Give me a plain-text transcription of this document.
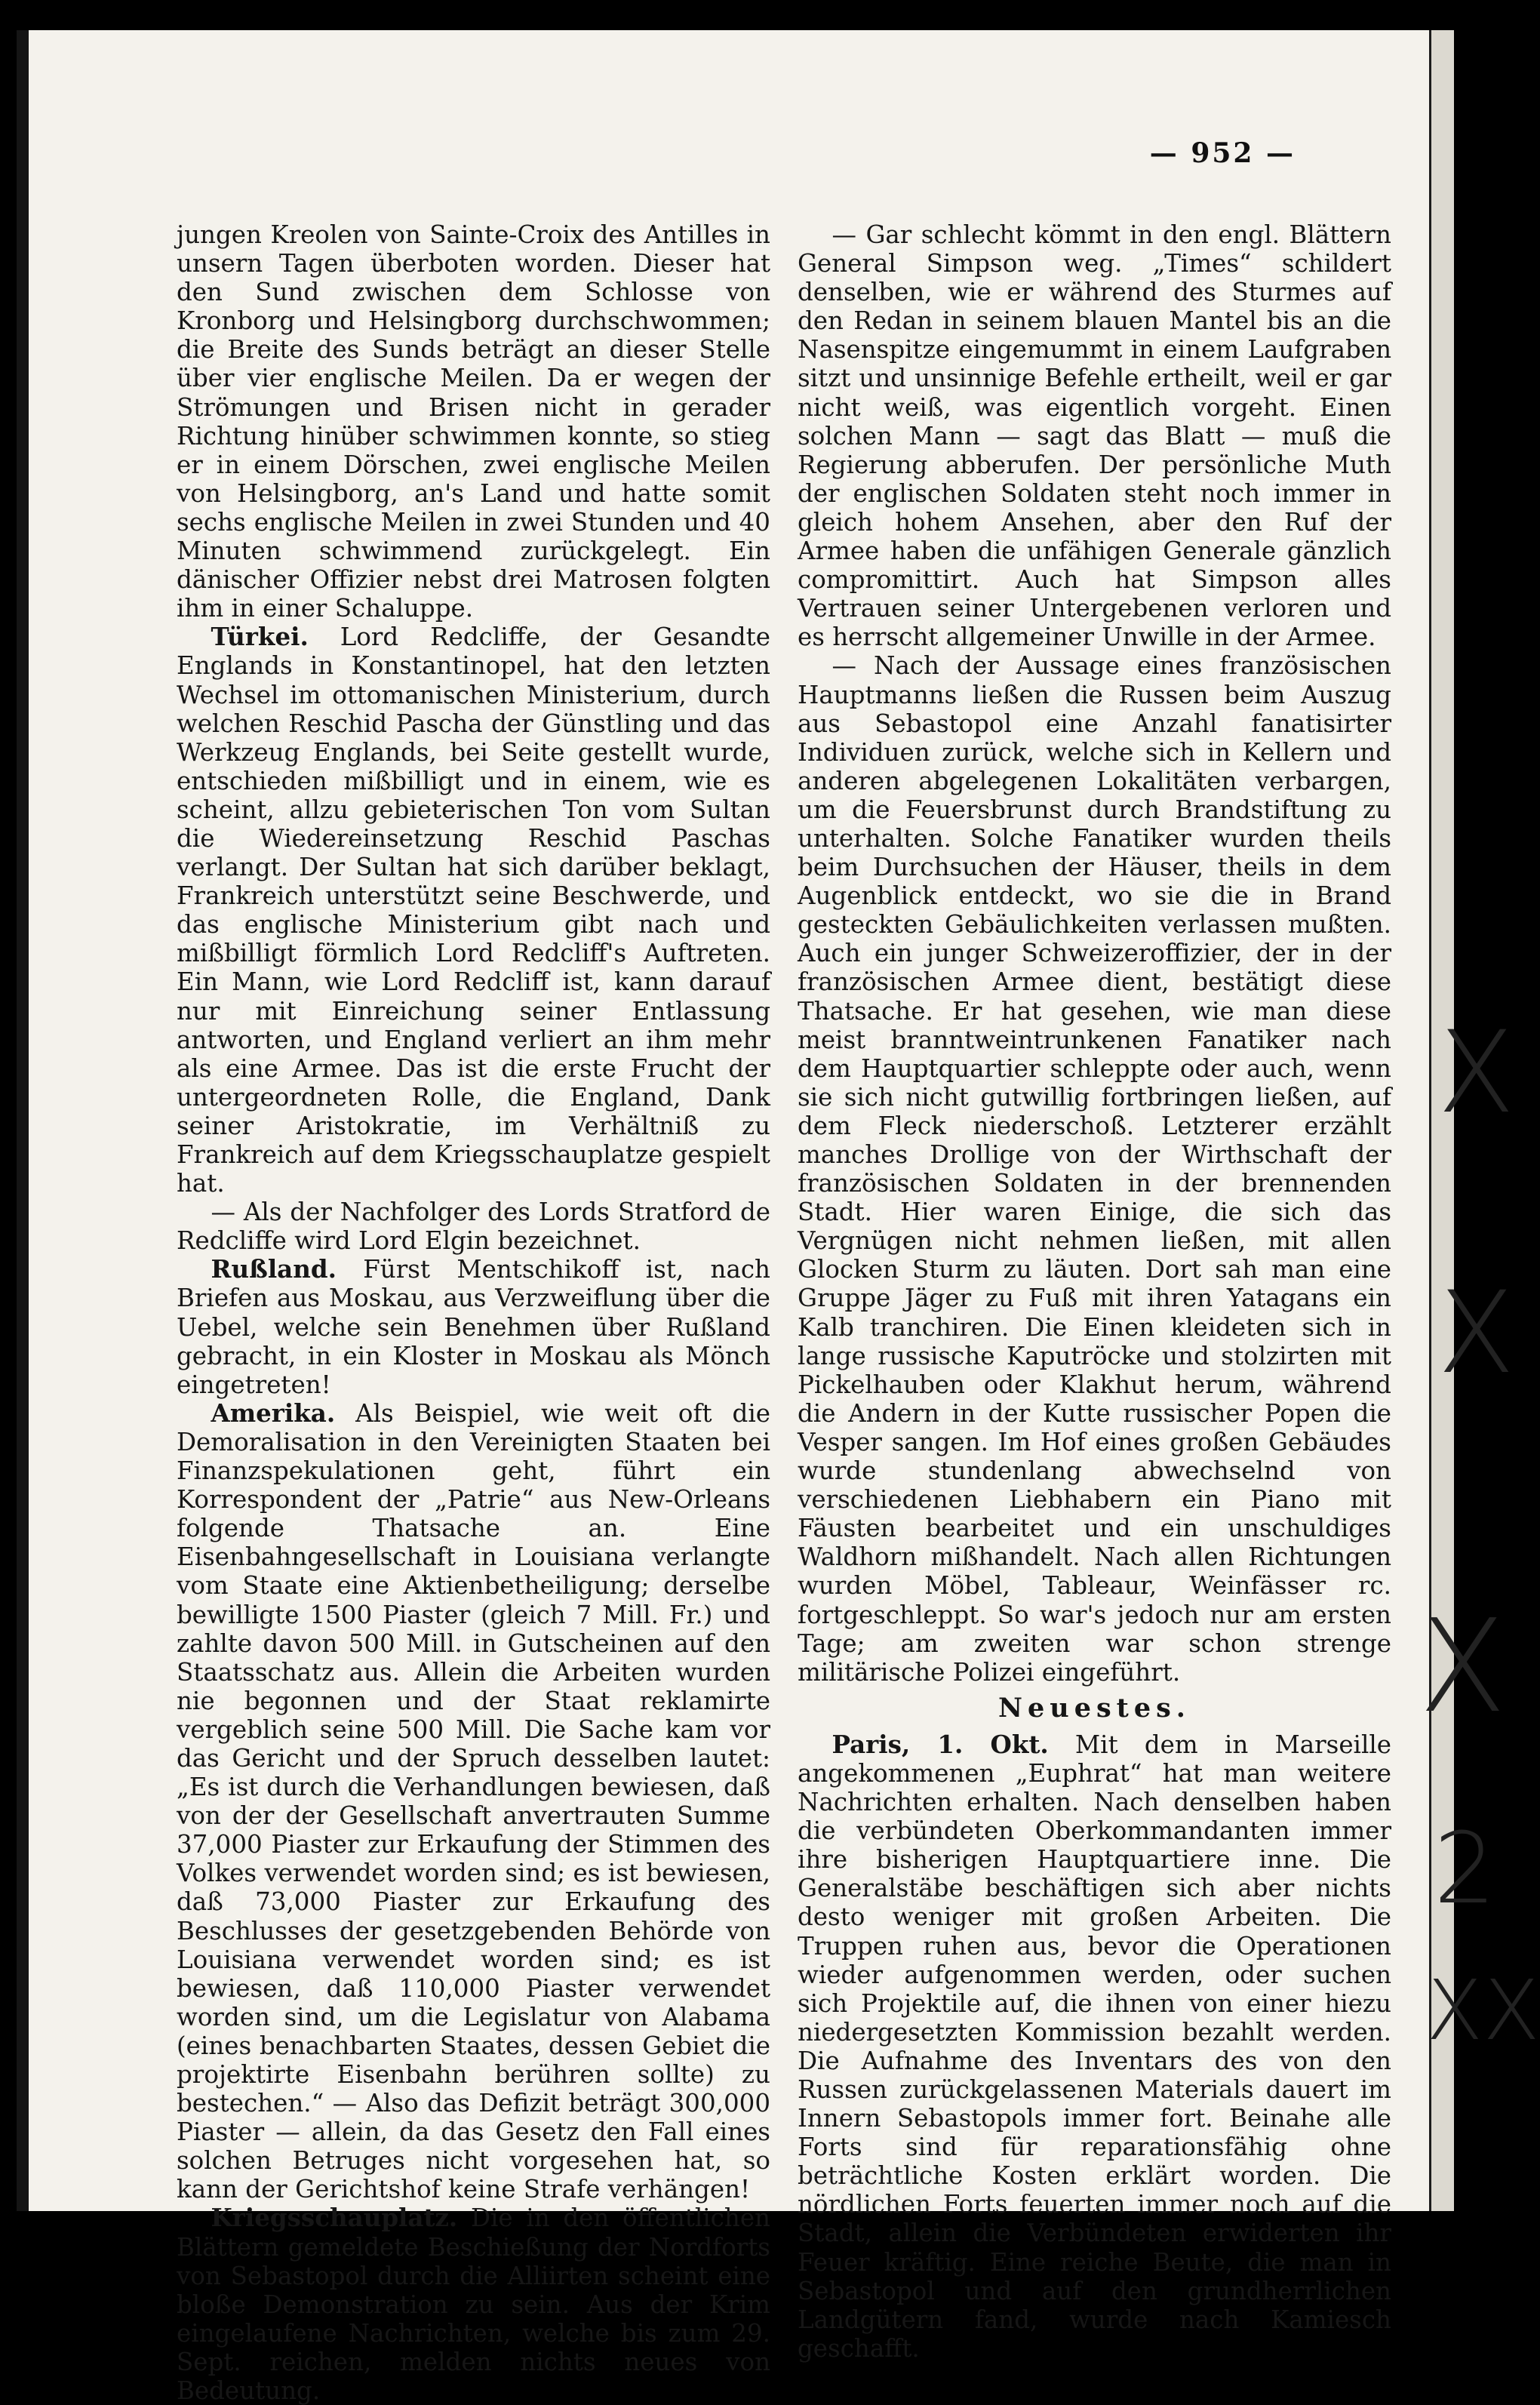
— 952 —

jungen Kreolen von Sainte-Croix des Antilles in unsern Tagen überboten worden. Dieser hat den Sund zwischen dem Schlosse von Kronborg und Helsingborg durchschwommen; die Breite des Sunds beträgt an dieser Stelle über vier englische Meilen. Da er wegen der Strömungen und Brisen nicht in gerader Richtung hinüber schwimmen konnte, so stieg er in einem Dörschen, zwei englische Meilen von Helsingborg, an's Land und hatte somit sechs englische Meilen in zwei Stunden und 40 Minuten schwimmend zurückgelegt. Ein dänischer Offizier nebst drei Matrosen folgten ihm in einer Schaluppe.

Türkei. Lord Redcliffe, der Gesandte Englands in Konstantinopel, hat den letzten Wechsel im ottomanischen Ministerium, durch welchen Reschid Pascha der Günstling und das Werkzeug Englands, bei Seite gestellt wurde, entschieden mißbilligt und in einem, wie es scheint, allzu gebieterischen Ton vom Sultan die Wiedereinsetzung Reschid Paschas verlangt. Der Sultan hat sich darüber beklagt, Frankreich unterstützt seine Beschwerde, und das englische Ministerium gibt nach und mißbilligt förmlich Lord Redcliff's Auftreten. Ein Mann, wie Lord Redcliff ist, kann darauf nur mit Einreichung seiner Entlassung antworten, und England verliert an ihm mehr als eine Armee. Das ist die erste Frucht der untergeordneten Rolle, die England, Dank seiner Aristokratie, im Verhältniß zu Frankreich auf dem Kriegsschauplatze gespielt hat.

— Als der Nachfolger des Lords Stratford de Redcliffe wird Lord Elgin bezeichnet.

Rußland. Fürst Mentschikoff ist, nach Briefen aus Moskau, aus Verzweiflung über die Uebel, welche sein Benehmen über Rußland gebracht, in ein Kloster in Moskau als Mönch eingetreten!

Amerika. Als Beispiel, wie weit oft die Demoralisation in den Vereinigten Staaten bei Finanzspekulationen geht, führt ein Korrespondent der „Patrie“ aus New-Orleans folgende Thatsache an. Eine Eisenbahngesellschaft in Louisiana verlangte vom Staate eine Aktienbetheiligung; derselbe bewilligte 1500 Piaster (gleich 7 Mill. Fr.) und zahlte davon 500 Mill. in Gutscheinen auf den Staatsschatz aus. Allein die Arbeiten wurden nie begonnen und der Staat reklamirte vergeblich seine 500 Mill. Die Sache kam vor das Gericht und der Spruch desselben lautet: „Es ist durch die Verhandlungen bewiesen, daß von der der Gesellschaft anvertrauten Summe 37,000 Piaster zur Erkaufung der Stimmen des Volkes verwendet worden sind; es ist bewiesen, daß 73,000 Piaster zur Erkaufung des Beschlusses der gesetzgebenden Behörde von Louisiana verwendet worden sind; es ist bewiesen, daß 110,000 Piaster verwendet worden sind, um die Legislatur von Alabama (eines benachbarten Staates, dessen Gebiet die projektirte Eisenbahn berühren sollte) zu bestechen.“ — Also das Defizit beträgt 300,000 Piaster — allein, da das Gesetz den Fall eines solchen Betruges nicht vorgesehen hat, so kann der Gerichtshof keine Strafe verhängen!

Kriegsschauplatz. Die in den öffentlichen Blättern gemeldete Beschießung der Nordforts von Sebastopol durch die Alliirten scheint eine bloße Demonstration zu sein. Aus der Krim eingelaufene Nachrichten, welche bis zum 29. Sept. reichen, melden nichts neues von Bedeutung.

— Gar schlecht kömmt in den engl. Blättern General Simpson weg. „Times“ schildert denselben, wie er während des Sturmes auf den Redan in seinem blauen Mantel bis an die Nasenspitze eingemummt in einem Laufgraben sitzt und unsinnige Befehle ertheilt, weil er gar nicht weiß, was eigentlich vorgeht. Einen solchen Mann — sagt das Blatt — muß die Regierung abberufen. Der persönliche Muth der englischen Soldaten steht noch immer in gleich hohem Ansehen, aber den Ruf der Armee haben die unfähigen Generale gänzlich compromittirt. Auch hat Simpson alles Vertrauen seiner Untergebenen verloren und es herrscht allgemeiner Unwille in der Armee.

— Nach der Aussage eines französischen Hauptmanns ließen die Russen beim Auszug aus Sebastopol eine Anzahl fanatisirter Individuen zurück, welche sich in Kellern und anderen abgelegenen Lokalitäten verbargen, um die Feuersbrunst durch Brandstiftung zu unterhalten. Solche Fanatiker wurden theils beim Durchsuchen der Häuser, theils in dem Augenblick entdeckt, wo sie die in Brand gesteckten Gebäulichkeiten verlassen mußten. Auch ein junger Schweizeroffizier, der in der französischen Armee dient, bestätigt diese Thatsache. Er hat gesehen, wie man diese meist branntweintrunkenen Fanatiker nach dem Hauptquartier schleppte oder auch, wenn sie sich nicht gutwillig fortbringen ließen, auf dem Fleck niederschoß. Letzterer erzählt manches Drollige von der Wirthschaft der französischen Soldaten in der brennenden Stadt. Hier waren Einige, die sich das Vergnügen nicht nehmen ließen, mit allen Glocken Sturm zu läuten. Dort sah man eine Gruppe Jäger zu Fuß mit ihren Yatagans ein Kalb tranchiren. Die Einen kleideten sich in lange russische Kaputröcke und stolzirten mit Pickelhauben oder Klakhut herum, während die Andern in der Kutte russischer Popen die Vesper sangen. Im Hof eines großen Gebäudes wurde stundenlang abwechselnd von verschiedenen Liebhabern ein Piano mit Fäusten bearbeitet und ein unschuldiges Waldhorn mißhandelt. Nach allen Richtungen wurden Möbel, Tableaur, Weinfässer rc. fortgeschleppt. So war's jedoch nur am ersten Tage; am zweiten war schon strenge militärische Polizei eingeführt.

Neuestes.

Paris, 1. Okt. Mit dem in Marseille angekommenen „Euphrat“ hat man weitere Nachrichten erhalten. Nach denselben haben die verbündeten Oberkommandanten immer ihre bisherigen Hauptquartiere inne. Die Generalstäbe beschäftigen sich aber nichts desto weniger mit großen Arbeiten. Die Truppen ruhen aus, bevor die Operationen wieder aufgenommen werden, oder suchen sich Projektile auf, die ihnen von einer hiezu niedergesetzten Kommission bezahlt werden. Die Aufnahme des Inventars des von den Russen zurückgelassenen Materials dauert im Innern Sebastopols immer fort. Beinahe alle Forts sind für reparationsfähig ohne beträchtliche Kosten erklärt worden. Die nördlichen Forts feuerten immer noch auf die Stadt, allein die Verbündeten erwiderten ihr Feuer kräftig. Eine reiche Beute, die man in Sebastopol und auf den grundherrlichen Landgütern fand, wurde nach Kamiesch geschafft.

X
X
X
2
XX
